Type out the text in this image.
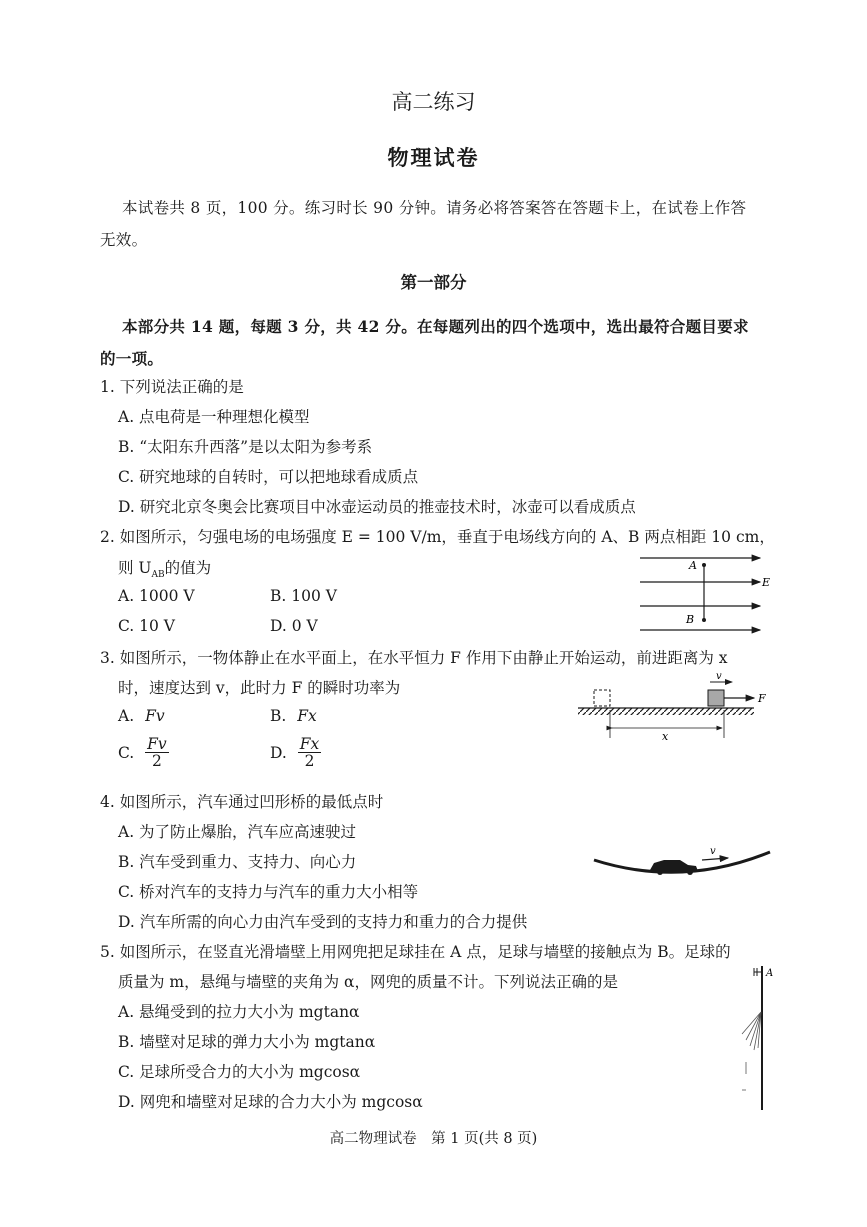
高二练习
物理试卷
本试卷共 8 页，100 分。练习时长 90 分钟。请务必将答案答在答题卡上，在试卷上作答
无效。
第一部分
本部分共 14 题，每题 3 分，共 42 分。在每题列出的四个选项中，选出最符合题目要求
的一项。
1. 下列说法正确的是
A. 点电荷是一种理想化模型
B. “太阳东升西落”是以太阳为参考系
C. 研究地球的自转时，可以把地球看成质点
D. 研究北京冬奥会比赛项目中冰壶运动员的推壶技术时，冰壶可以看成质点
2. 如图所示，匀强电场的电场强度 E = 100 V/m，垂直于电场线方向的 A、B 两点相距 10 cm，
则 $U_{AB}$的值为
A. 1000 V	B. 100 V
C. 10 V	D. 0 V
A
B
E
3. 如图所示，一物体静止在水平面上，在水平恒力 F 作用下由静止开始运动，前进距离为 x
时，速度达到 v，此时力 F 的瞬时功率为
A. Fv	B. Fx
C. $\frac{Fv}{2}$	D. $\frac{Fx}{2}$
v
F
x
4. 如图所示，汽车通过凹形桥的最低点时
A. 为了防止爆胎，汽车应高速驶过
B. 汽车受到重力、支持力、向心力
C. 桥对汽车的支持力与汽车的重力大小相等
D. 汽车所需的向心力由汽车受到的支持力和重力的合力提供
v
5. 如图所示，在竖直光滑墙壁上用网兜把足球挂在 A 点，足球与墙壁的接触点为 B。足球的
质量为 m，悬绳与墙壁的夹角为 α，网兜的质量不计。下列说法正确的是
A. 悬绳受到的拉力大小为 mgtanα
B. 墙壁对足球的弹力大小为 mgtanα
C. 足球所受合力的大小为 mgcosα
D. 网兜和墙壁对足球的合力大小为 mgcosα
A
高二物理试卷　第 1 页(共 8 页)
